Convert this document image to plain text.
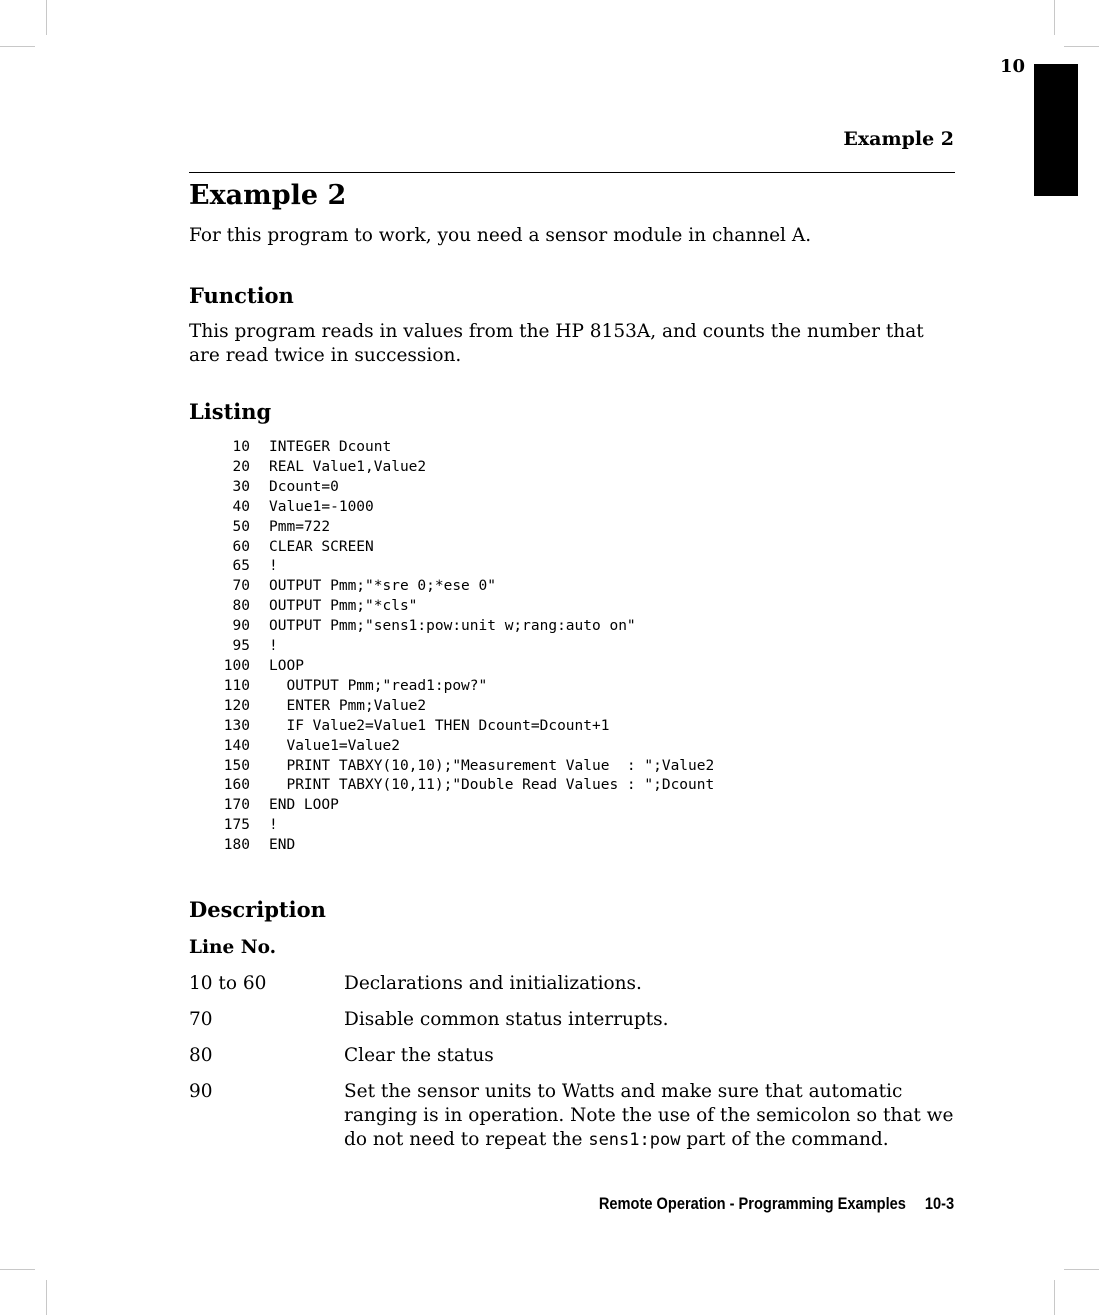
10
Example 2
Example 2

For this program to work, you need a sensor module in channel A.

Function

This program reads in values from the HP 8153A, and counts the number that are read twice in succession.

Listing
10 INTEGER Dcount
20 REAL Value1,Value2
30 Dcount=0
40 Value1=-1000
50 Pmm=722
60 CLEAR SCREEN
65 !
70 OUTPUT Pmm;"*sre 0;*ese 0"
80 OUTPUT Pmm;"*cls"
90 OUTPUT Pmm;"sens1:pow:unit w;rang:auto on"
95 !
100 LOOP
110 OUTPUT Pmm;"read1:pow?"
120 ENTER Pmm;Value2
130 IF Value2=Value1 THEN Dcount=Dcount+1
140 Value1=Value2
150 PRINT TABXY(10,10);"Measurement Value  : ";Value2
160 PRINT TABXY(10,11);"Double Read Values : ";Dcount
170 END LOOP
175 !
180 END
Description
Line No.
10 to 60	Declarations and initializations.
70	Disable common status interrupts.
80	Clear the status
90	Set the sensor units to Watts and make sure that automatic ranging is in operation. Note the use of the semicolon so that we do not need to repeat the sens1:pow part of the command.
Remote Operation - Programming Examples 10-3
